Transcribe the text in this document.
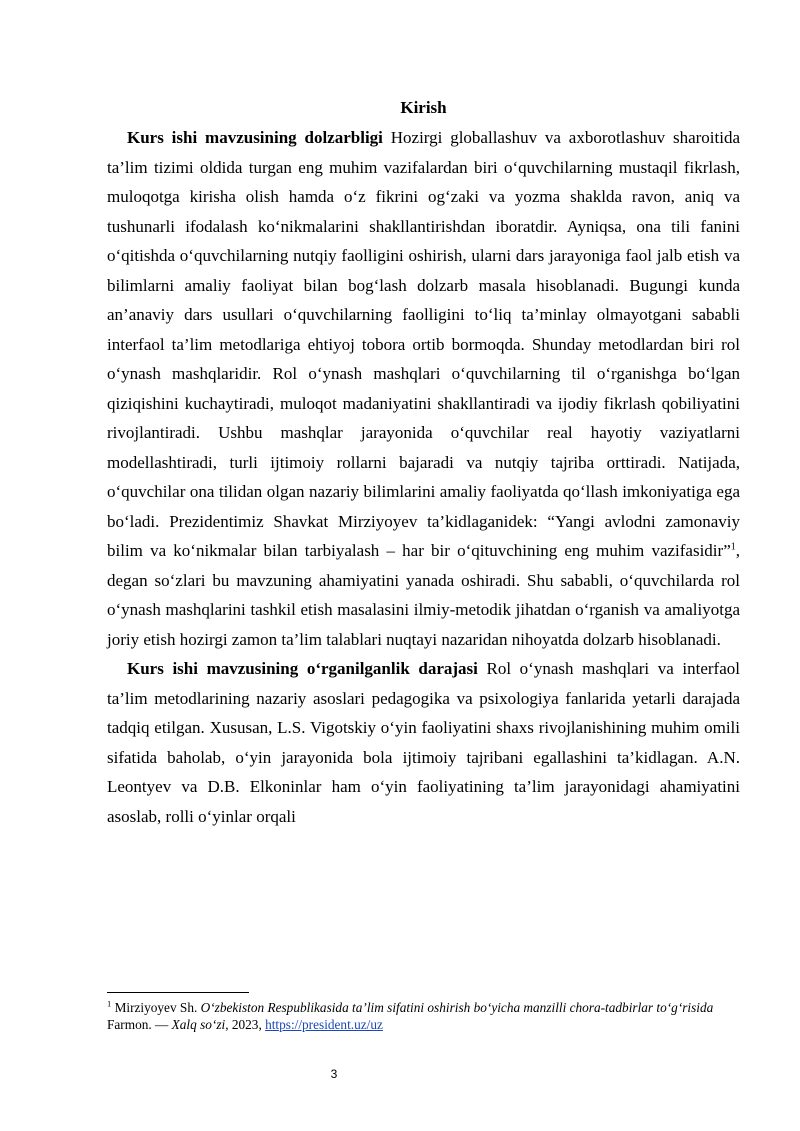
Kirish

Kurs ishi mavzusining dolzarbligi Hozirgi globallashuv va axborotlashuv sharoitida ta’lim tizimi oldida turgan eng muhim vazifalardan biri o‘quvchilarning mustaqil fikrlash, muloqotga kirisha olish hamda o‘z fikrini og‘zaki va yozma shaklda ravon, aniq va tushunarli ifodalash ko‘nikmalarini shakllantirishdan iboratdir. Ayniqsa, ona tili fanini o‘qitishda o‘quvchilarning nutqiy faolligini oshirish, ularni dars jarayoniga faol jalb etish va bilimlarni amaliy faoliyat bilan bog‘lash dolzarb masala hisoblanadi. Bugungi kunda an’anaviy dars usullari o‘quvchilarning faolligini to‘liq ta’minlay olmayotgani sababli interfaol ta’lim metodlariga ehtiyoj tobora ortib bormoqda. Shunday metodlardan biri rol o‘ynash mashqlaridir. Rol o‘ynash mashqlari o‘quvchilarning til o‘rganishga bo‘lgan qiziqishini kuchaytiradi, muloqot madaniyatini shakllantiradi va ijodiy fikrlash qobiliyatini rivojlantiradi. Ushbu mashqlar jarayonida o‘quvchilar real hayotiy vaziyatlarni modellashtiradi, turli ijtimoiy rollarni bajaradi va nutqiy tajriba orttiradi. Natijada, o‘quvchilar ona tilidan olgan nazariy bilimlarini amaliy faoliyatda qo‘llash imkoniyatiga ega bo‘ladi. Prezidentimiz Shavkat Mirziyoyev ta’kidlaganidek: “Yangi avlodni zamonaviy bilim va ko‘nikmalar bilan tarbiyalash – har bir o‘qituvchining eng muhim vazifasidir”$^1$, degan so‘zlari bu mavzuning ahamiyatini yanada oshiradi. Shu sababli, o‘quvchilarda rol o‘ynash mashqlarini tashkil etish masalasini ilmiy-metodik jihatdan o‘rganish va amaliyotga joriy etish hozirgi zamon ta’lim talablari nuqtayi nazaridan nihoyatda dolzarb hisoblanadi.

Kurs ishi mavzusining o‘rganilganlik darajasi Rol o‘ynash mashqlari va interfaol ta’lim metodlarining nazariy asoslari pedagogika va psixologiya fanlarida yetarli darajada tadqiq etilgan. Xususan, L.S. Vigotskiy o‘yin faoliyatini shaxs rivojlanishining muhim omili sifatida baholab, o‘yin jarayonida bola ijtimoiy tajribani egallashini ta’kidlagan. A.N. Leontyev va D.B. Elkoninlar ham o‘yin faoliyatining ta’lim jarayonidagi ahamiyatini asoslab, rolli o‘yinlar orqali

$^1$ Mirziyoyev Sh. O‘zbekiston Respublikasida ta’lim sifatini oshirish bo‘yicha manzilli chora-tadbirlar to‘g‘risida Farmon. — Xalq so‘zi, 2023, https://president.uz/uz
3
